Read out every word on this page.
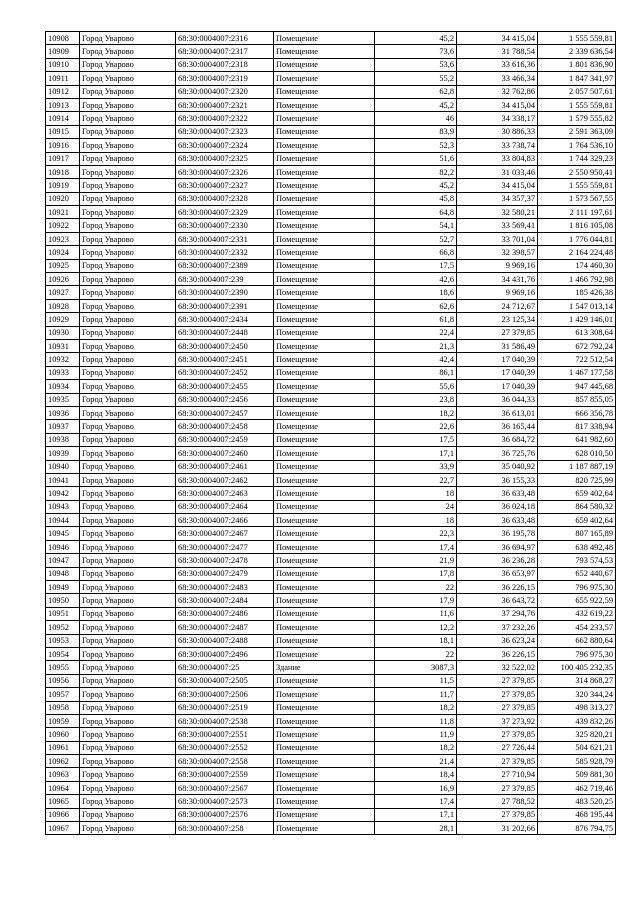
10908	Город Уварово	68:30:0004007:2316	Помещение	45,2	34 415,04	1 555 559,81
10909	Город Уварово	68:30:0004007:2317	Помещение	73,6	31 788,54	2 339 636,54
10910	Город Уварово	68:30:0004007:2318	Помещение	53,6	33 616,36	1 801 836,90
10911	Город Уварово	68:30:0004007:2319	Помещение	55,2	33 466,34	1 847 341,97
10912	Город Уварово	68:30:0004007:2320	Помещение	62,8	32 762,86	2 057 507,61
10913	Город Уварово	68:30:0004007:2321	Помещение	45,2	34 415,04	1 555 559,81
10914	Город Уварово	68:30:0004007:2322	Помещение	46	34 338,17	1 579 555,82
10915	Город Уварово	68:30:0004007:2323	Помещение	83,9	30 886,33	2 591 363,09
10916	Город Уварово	68:30:0004007:2324	Помещение	52,3	33 738,74	1 764 536,10
10917	Город Уварово	68:30:0004007:2325	Помещение	51,6	33 804,83	1 744 329,23
10918	Город Уварово	68:30:0004007:2326	Помещение	82,2	31 033,46	2 550 950,41
10919	Город Уварово	68:30:0004007:2327	Помещение	45,2	34 415,04	1 555 559,81
10920	Город Уварово	68:30:0004007:2328	Помещение	45,8	34 357,37	1 573 567,55
10921	Город Уварово	68:30:0004007:2329	Помещение	64,8	32 580,21	2 111 197,61
10922	Город Уварово	68:30:0004007:2330	Помещение	54,1	33 569,41	1 816 105,08
10923	Город Уварово	68:30:0004007:2331	Помещение	52,7	33 701,04	1 776 044,81
10924	Город Уварово	68:30:0004007:2332	Помещение	66,8	32 398,57	2 164 224,48
10925	Город Уварово	68:30:0004007:2389	Помещение	17,5	9 969,16	174 460,30
10926	Город Уварово	68:30:0004007:239	Помещение	42,6	34 431,76	1 466 792,98
10927	Город Уварово	68:30:0004007:2390	Помещение	18,6	9 969,16	185 426,38
10928	Город Уварово	68:30:0004007:2391	Помещение	62,6	24 712,67	1 547 013,14
10929	Город Уварово	68:30:0004007:2434	Помещение	61,8	23 125,34	1 429 146,01
10930	Город Уварово	68:30:0004007:2448	Помещение	22,4	27 379,85	613 308,64
10931	Город Уварово	68:30:0004007:2450	Помещение	21,3	31 586,49	672 792,24
10932	Город Уварово	68:30:0004007:2451	Помещение	42,4	17 040,39	722 512,54
10933	Город Уварово	68:30:0004007:2452	Помещение	86,1	17 040,39	1 467 177,58
10934	Город Уварово	68:30:0004007:2455	Помещение	55,6	17 040,39	947 445,68
10935	Город Уварово	68:30:0004007:2456	Помещение	23,8	36 044,33	857 855,05
10936	Город Уварово	68:30:0004007:2457	Помещение	18,2	36 613,01	666 356,78
10937	Город Уварово	68:30:0004007:2458	Помещение	22,6	36 165,44	817 338,94
10938	Город Уварово	68:30:0004007:2459	Помещение	17,5	36 684,72	641 982,60
10939	Город Уварово	68:30:0004007:2460	Помещение	17,1	36 725,76	628 010,50
10940	Город Уварово	68:30:0004007:2461	Помещение	33,9	35 040,92	1 187 887,19
10941	Город Уварово	68:30:0004007:2462	Помещение	22,7	36 155,33	820 725,99
10942	Город Уварово	68:30:0004007:2463	Помещение	18	36 633,48	659 402,64
10943	Город Уварово	68:30:0004007:2464	Помещение	24	36 024,18	864 580,32
10944	Город Уварово	68:30:0004007:2466	Помещение	18	36 633,48	659 402,64
10945	Город Уварово	68:30:0004007:2467	Помещение	22,3	36 195,78	807 165,89
10946	Город Уварово	68:30:0004007:2477	Помещение	17,4	36 694,97	638 492,48
10947	Город Уварово	68:30:0004007:2478	Помещение	21,9	36 236,28	793 574,53
10948	Город Уварово	68:30:0004007:2479	Помещение	17,8	36 653,97	652 440,67
10949	Город Уварово	68:30:0004007:2483	Помещение	22	36 226,15	796 975,30
10950	Город Уварово	68:30:0004007:2484	Помещение	17,9	36 643,72	655 922,59
10951	Город Уварово	68:30:0004007:2486	Помещение	11,6	37 294,76	432 619,22
10952	Город Уварово	68:30:0004007:2487	Помещение	12,2	37 232,26	454 233,57
10953	Город Уварово	68:30:0004007:2488	Помещение	18,1	36 623,24	662 880,64
10954	Город Уварово	68:30:0004007:2496	Помещение	22	36 226,15	796 975,30
10955	Город Уварово	68:30:0004007:25	Здание	3087,3	32 522,02	100 405 232,35
10956	Город Уварово	68:30:0004007:2505	Помещение	11,5	27 379,85	314 868,27
10957	Город Уварово	68:30:0004007:2506	Помещение	11,7	27 379,85	320 344,24
10958	Город Уварово	68:30:0004007:2519	Помещение	18,2	27 379,85	498 313,27
10959	Город Уварово	68:30:0004007:2538	Помещение	11,8	37 273,92	439 832,26
10960	Город Уварово	68:30:0004007:2551	Помещение	11,9	27 379,85	325 820,21
10961	Город Уварово	68:30:0004007:2552	Помещение	18,2	27 726,44	504 621,21
10962	Город Уварово	68:30:0004007:2558	Помещение	21,4	27 379,85	585 928,79
10963	Город Уварово	68:30:0004007:2559	Помещение	18,4	27 710,94	509 881,30
10964	Город Уварово	68:30:0004007:2567	Помещение	16,9	27 379,85	462 719,46
10965	Город Уварово	68:30:0004007:2573	Помещение	17,4	27 788,52	483 520,25
10966	Город Уварово	68:30:0004007:2576	Помещение	17,1	27 379,85	468 195,44
10967	Город Уварово	68:30:0004007:258	Помещение	28,1	31 202,66	876 794,75
